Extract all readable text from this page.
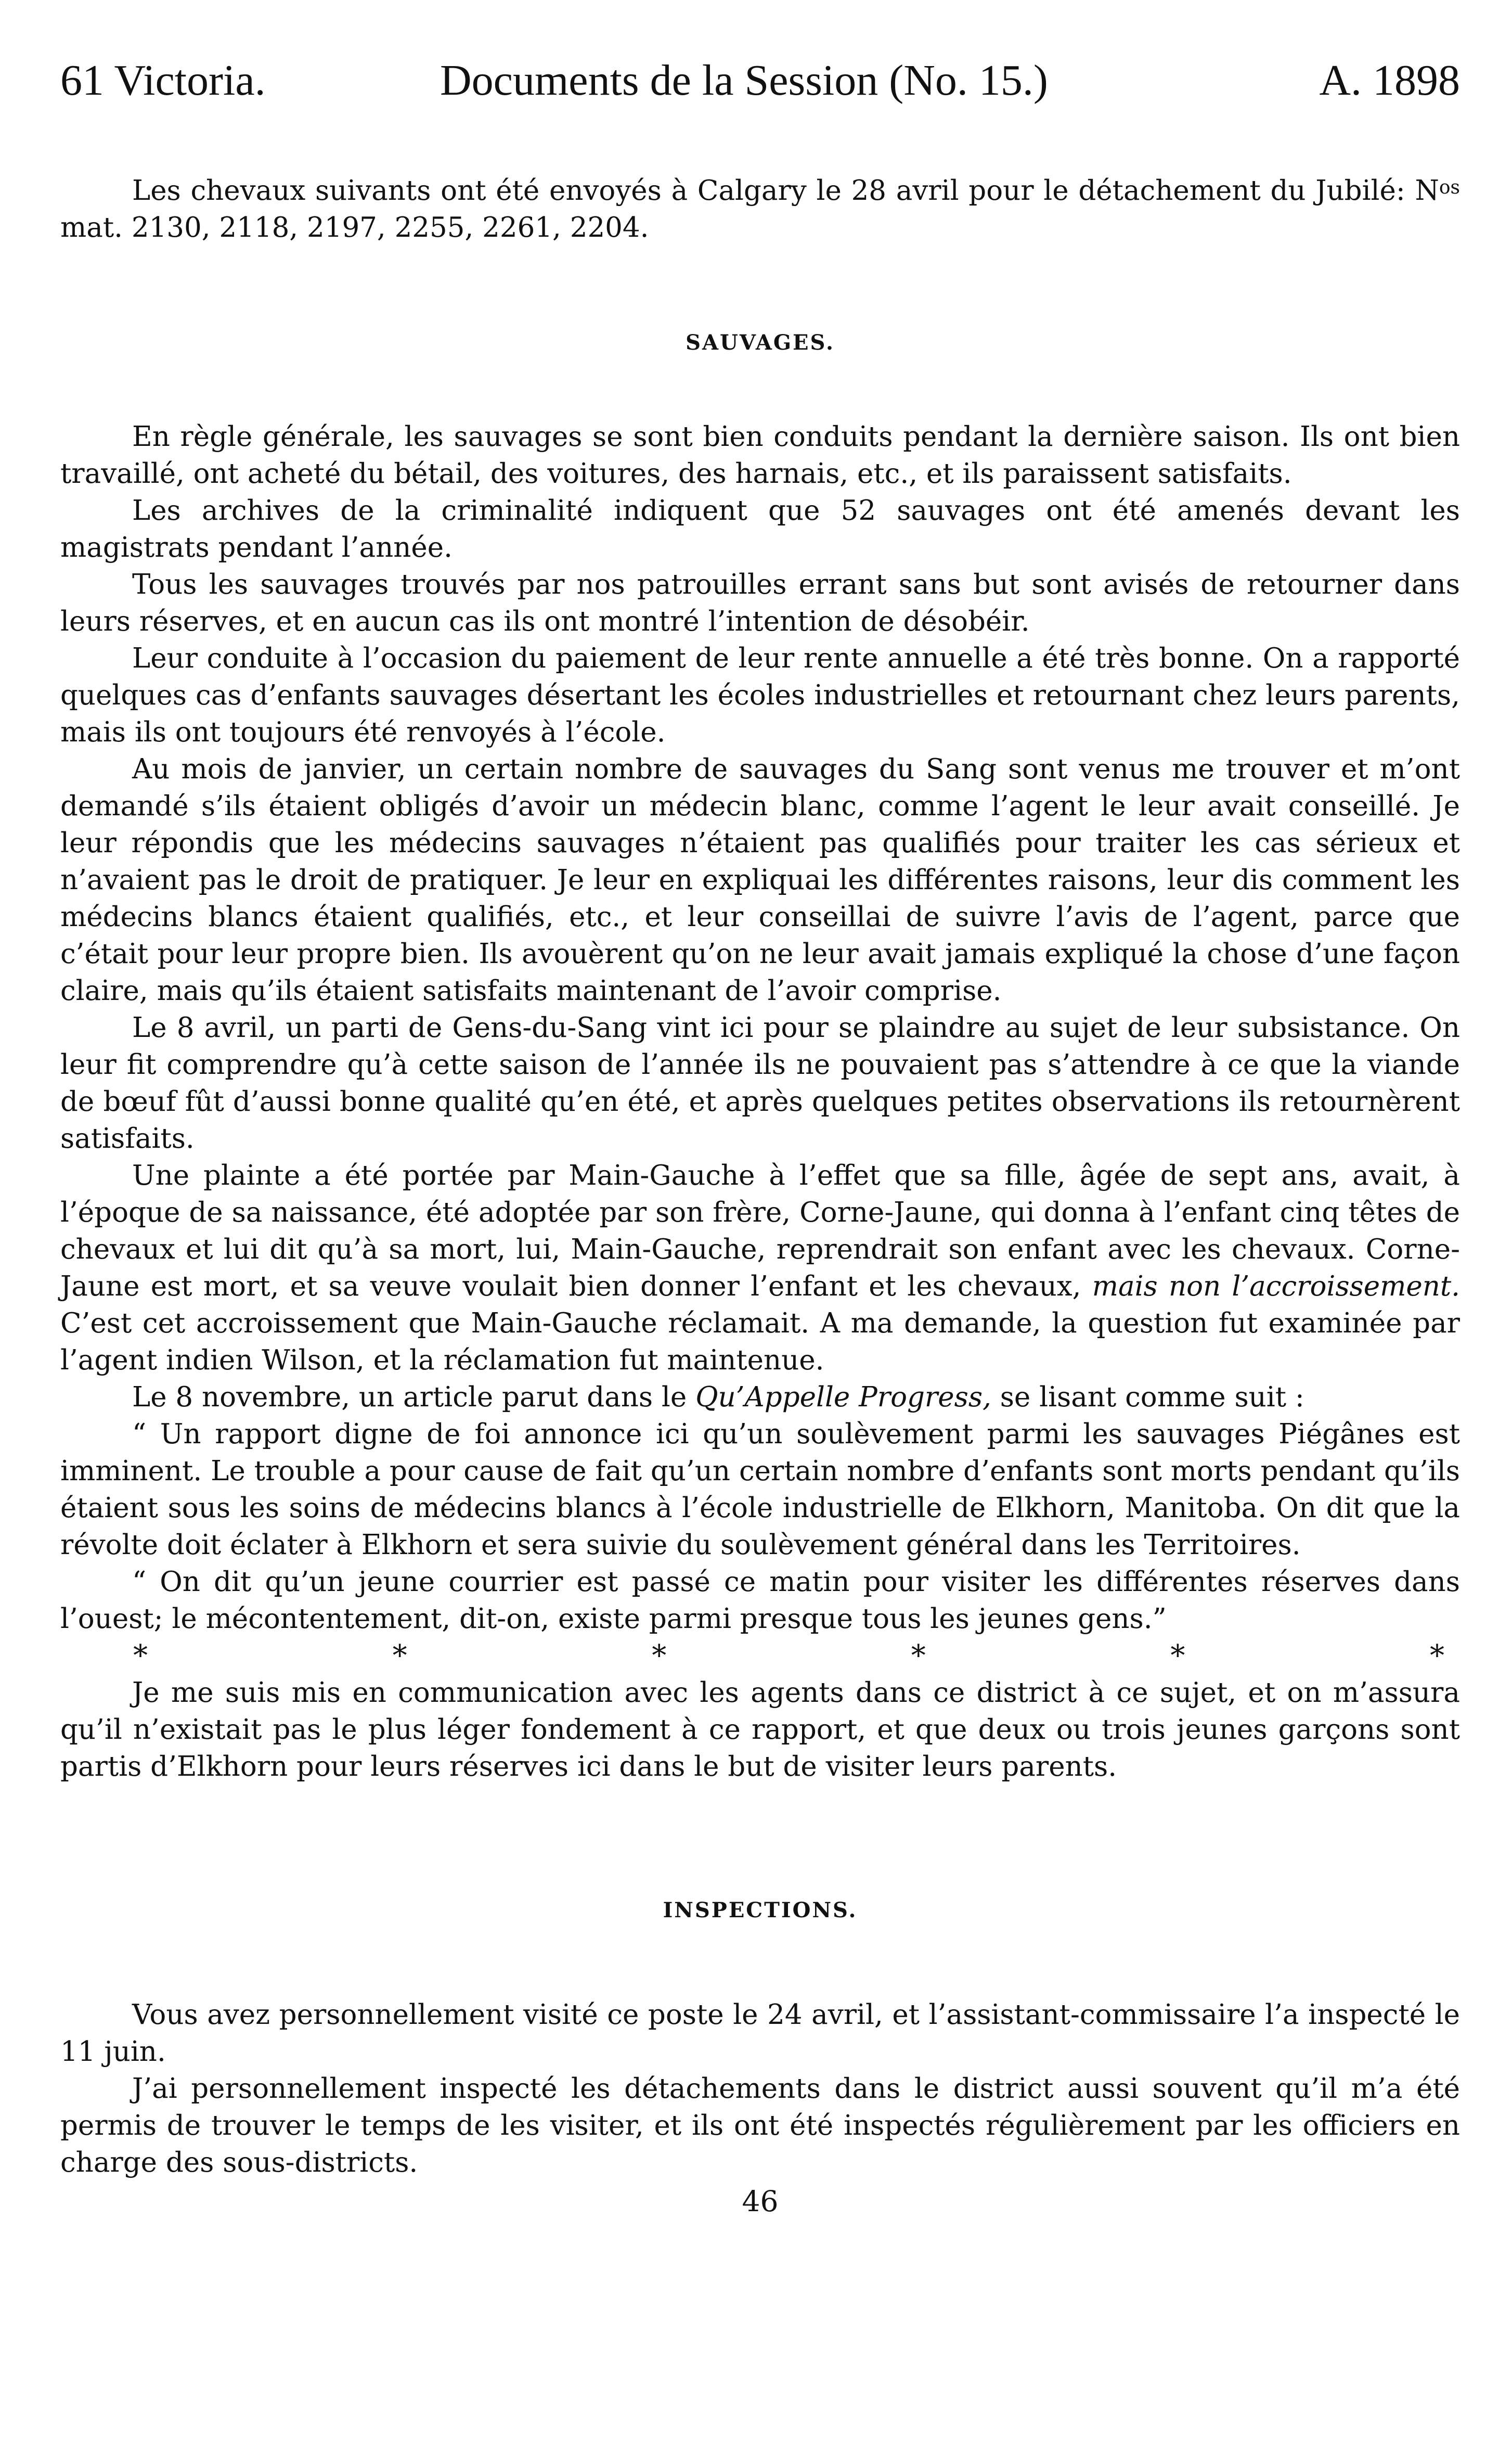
61 Victoria.	Documents de la Session (No. 15.)	A. 1898

Les chevaux suivants ont été envoyés à Calgary le 28 avril pour le détachement du Jubilé: $N^{os}$ mat. 2130, 2118, 2197, 2255, 2261, 2204.

SAUVAGES.

En règle générale, les sauvages se sont bien conduits pendant la dernière saison. Ils ont bien travaillé, ont acheté du bétail, des voitures, des harnais, etc., et ils paraissent satisfaits.

Les archives de la criminalité indiquent que 52 sauvages ont été amenés devant les magistrats pendant l’année.

Tous les sauvages trouvés par nos patrouilles errant sans but sont avisés de retourner dans leurs réserves, et en aucun cas ils ont montré l’intention de désobéir.

Leur conduite à l’occasion du paiement de leur rente annuelle a été très bonne. On a rapporté quelques cas d’enfants sauvages désertant les écoles industrielles et retournant chez leurs parents, mais ils ont toujours été renvoyés à l’école.

Au mois de janvier, un certain nombre de sauvages du Sang sont venus me trouver et m’ont demandé s’ils étaient obligés d’avoir un médecin blanc, comme l’agent le leur avait conseillé. Je leur répondis que les médecins sauvages n’étaient pas qualifiés pour traiter les cas sérieux et n’avaient pas le droit de pratiquer. Je leur en expliquai les différentes raisons, leur dis comment les médecins blancs étaient qualifiés, etc., et leur conseillai de suivre l’avis de l’agent, parce que c’était pour leur propre bien. Ils avouèrent qu’on ne leur avait jamais expliqué la chose d’une façon claire, mais qu’ils étaient satisfaits maintenant de l’avoir comprise.

Le 8 avril, un parti de Gens-du-Sang vint ici pour se plaindre au sujet de leur subsistance. On leur fit comprendre qu’à cette saison de l’année ils ne pouvaient pas s’attendre à ce que la viande de bœuf fût d’aussi bonne qualité qu’en été, et après quelques petites observations ils retournèrent satisfaits.

Une plainte a été portée par Main-Gauche à l’effet que sa fille, âgée de sept ans, avait, à l’époque de sa naissance, été adoptée par son frère, Corne-Jaune, qui donna à l’enfant cinq têtes de chevaux et lui dit qu’à sa mort, lui, Main-Gauche, reprendrait son enfant avec les chevaux. Corne-Jaune est mort, et sa veuve voulait bien donner l’enfant et les chevaux, mais non l’accroissement. C’est cet accroissement que Main-Gauche réclamait. A ma demande, la question fut examinée par l’agent indien Wilson, et la réclamation fut maintenue.

Le 8 novembre, un article parut dans le Qu’Appelle Progress, se lisant comme suit :

“ Un rapport digne de foi annonce ici qu’un soulèvement parmi les sauvages Piégânes est imminent. Le trouble a pour cause de fait qu’un certain nombre d’enfants sont morts pendant qu’ils étaient sous les soins de médecins blancs à l’école industrielle de Elkhorn, Manitoba. On dit que la révolte doit éclater à Elkhorn et sera suivie du soulèvement général dans les Territoires.

“ On dit qu’un jeune courrier est passé ce matin pour visiter les différentes réserves dans l’ouest; le mécontentement, dit-on, existe parmi presque tous les jeunes gens.”

*	*	*	*	*	*

Je me suis mis en communication avec les agents dans ce district à ce sujet, et on m’assura qu’il n’existait pas le plus léger fondement à ce rapport, et que deux ou trois jeunes garçons sont partis d’Elkhorn pour leurs réserves ici dans le but de visiter leurs parents.

INSPECTIONS.

Vous avez personnellement visité ce poste le 24 avril, et l’assistant-commissaire l’a inspecté le 11 juin.

J’ai personnellement inspecté les détachements dans le district aussi souvent qu’il m’a été permis de trouver le temps de les visiter, et ils ont été inspectés régulièrement par les officiers en charge des sous-districts.

46
